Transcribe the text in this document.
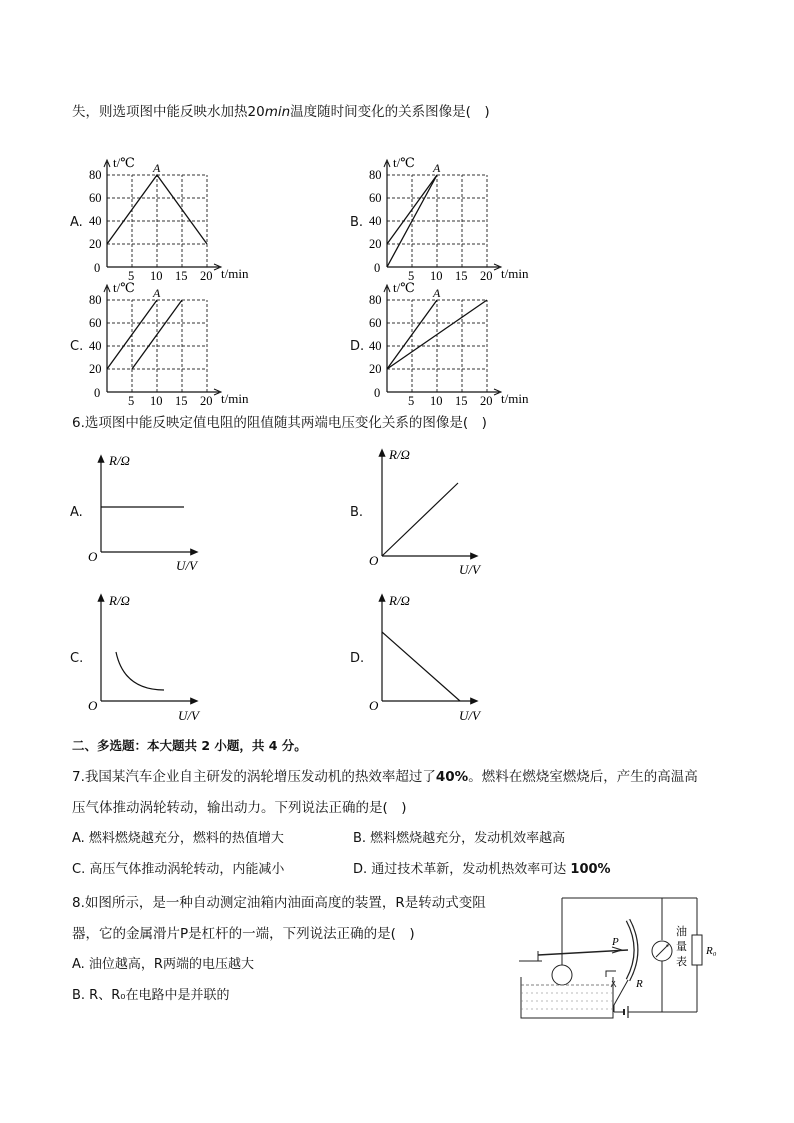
失，则选项图中能反映水加热20min温度随时间变化的关系图像是(　)
A.	B.
C.	D.
20
40
60
80
5 10 15 20
0
t/℃
t/min
A
20
40
60
80
5 10 15 20
0
t/℃
t/min
A
20
40
60
80
5 10 15 20
0
t/℃
t/min
A
20
40
60
80
5 10 15 20
0
t/℃
t/min
A
6.选项图中能反映定值电阻的阻值随其两端电压变化关系的图像是(　)
A.	B.
C.	D.
R/Ω
U/V
O
R/Ω
U/V
O
R/Ω
U/V
O
R/Ω
U/V
O
二、多选题：本大题共 2 小题，共 4 分。
7.我国某汽车企业自主研发的涡轮增压发动机的热效率超过了40%。燃料在燃烧室燃烧后，产生的高温高
压气体推动涡轮转动，输出动力。下列说法正确的是(　)
A. 燃料燃烧越充分，燃料的热值增大	B. 燃料燃烧越充分，发动机效率越高
C. 高压气体推动涡轮转动，内能减小	D. 通过技术革新，发动机热效率可达 100%
8.如图所示，是一种自动测定油箱内油面高度的装置，R是转动式变阻
器，它的金属滑片P是杠杆的一端，下列说法正确的是(　)
A. 油位越高，R两端的电压越大
B. R、R₀在电路中是并联的
R₀
油
量
表
R
P
